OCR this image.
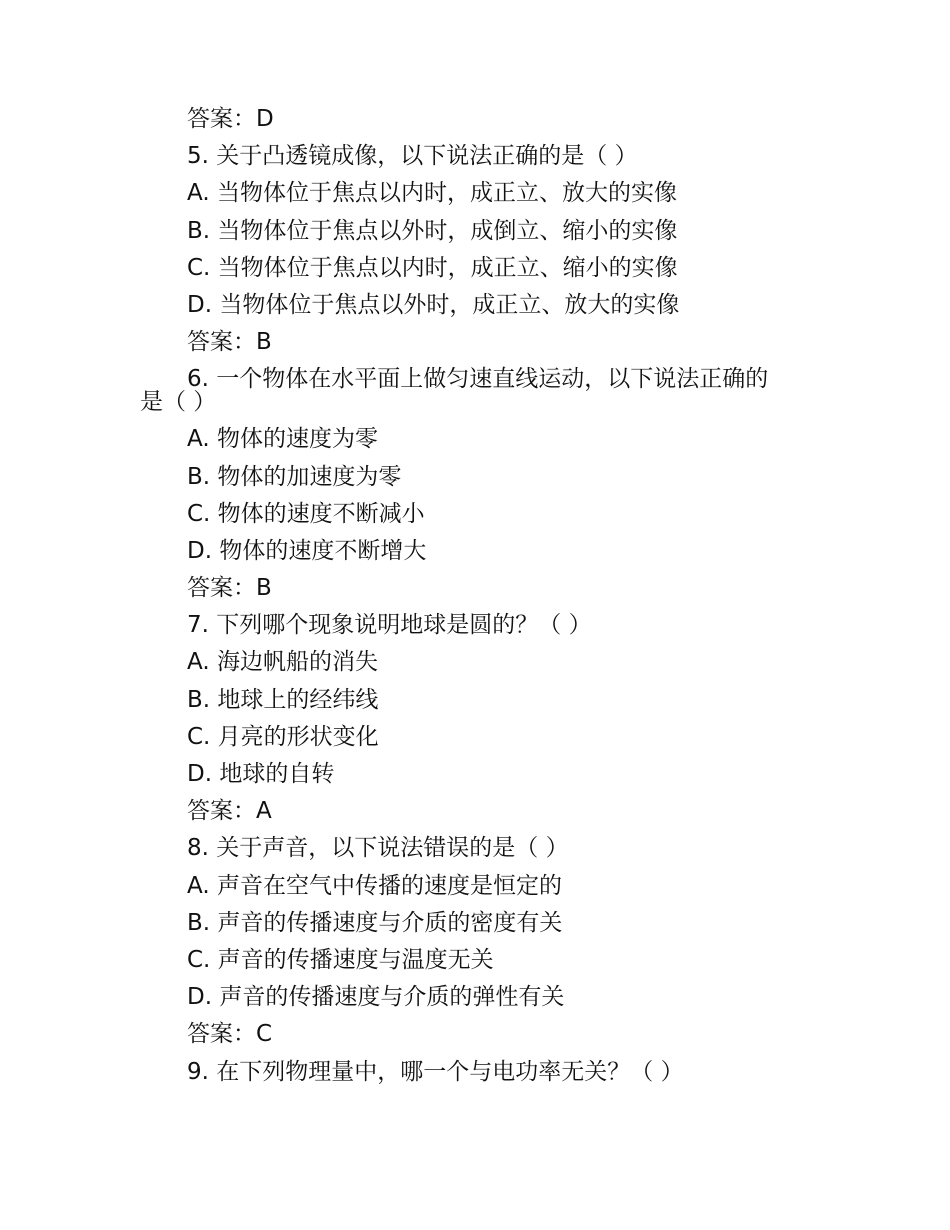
答案：D
5. 关于凸透镜成像，以下说法正确的是（ ）
A. 当物体位于焦点以内时，成正立、放大的实像
B. 当物体位于焦点以外时，成倒立、缩小的实像
C. 当物体位于焦点以内时，成正立、缩小的实像
D. 当物体位于焦点以外时，成正立、放大的实像
答案：B
6. 一个物体在水平面上做匀速直线运动，以下说法正确的
是（ ）
A. 物体的速度为零
B. 物体的加速度为零
C. 物体的速度不断减小
D. 物体的速度不断增大
答案：B
7. 下列哪个现象说明地球是圆的？（ ）
A. 海边帆船的消失
B. 地球上的经纬线
C. 月亮的形状变化
D. 地球的自转
答案：A
8. 关于声音，以下说法错误的是（ ）
A. 声音在空气中传播的速度是恒定的
B. 声音的传播速度与介质的密度有关
C. 声音的传播速度与温度无关
D. 声音的传播速度与介质的弹性有关
答案：C
9. 在下列物理量中，哪一个与电功率无关？（ ）
